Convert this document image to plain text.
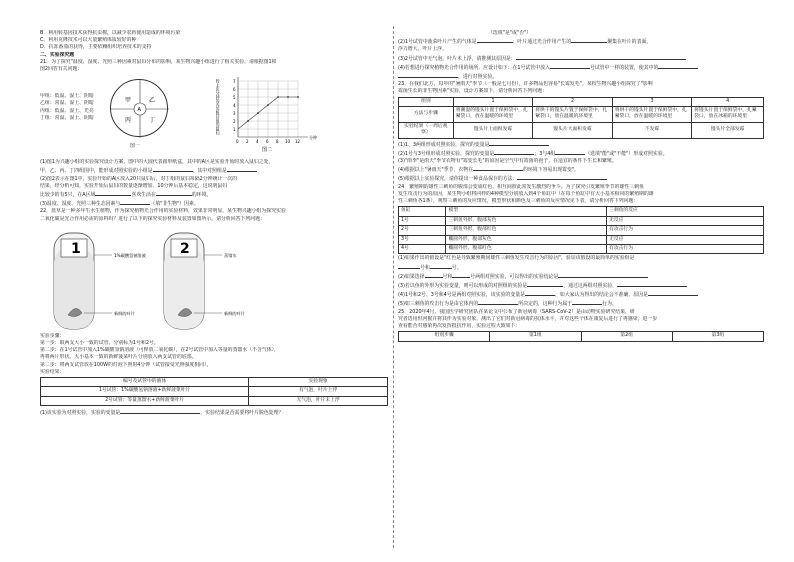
B．利用转基因技术获得抗虫棉，以减少农药使用造成的环境污染

C．利用克隆技术可以大量繁殖体质较好的种

D．抗冻番茄的获得，主要依赖组织培养技术的支持

二、实验探究题

21．为了探究"温度、湿度、光照三种因素对鼠妇分布的影响，某生物兴趣小组进行了相关实验，请根据图1和

图2回答有关问题：

甲组：低温、湿土、阴暗

乙组：常温、湿土、阴暗

丙组：低温、湿土、光亮

丁组：常温、湿土、阴暗

甲	乙
丙	丁
A

图一

较上次分钟的内的数目组的鼠妇
0 2 4 6 8 10 12
分钟
1
2
3
4
5
6
7
图二

(1)图1为兴趣小组的实验探究设计方案，图中的大圆代表圆形纸盒，其中的A区是实验开始时放入鼠妇之处，

甲、乙、丙、丁四组围中，能形成对照实验的小组是	，其中对照组是

(2)图2表示在图1中，实验开始的A区放入20只鼠妇后，对丁组的鼠妇每隔2分钟统计一次的

结果，经分析可知，实验开始后鼠妇的数量逐渐增加，10分钟后基本稳定，这说明鼠妇

比较少的有5只，在A区域	喜欢生活在	的环境。

(3)温度、湿度、光照三种生态因素与	（填"非生物"）因素。

22．蓝草是一种多年生水生植物，作为探究植物光合作用的实验材料，效果非常明显，某生物兴趣小组为探究实验

二氧化碳是光合作用必需的原料吗？进行了以下的探究实验材料及装置如图所示，请分析回答下列问题：

1	1%碳酸氢钠溶液
新鲜的叶片
2	蒸馏水
新鲜的叶片

实验步骤：

第一步：取两支大小一致的试管，分别标为1号和2号。

第二步：在1号试管中加入1%碳酸氢钠溶液（可释放二氧化碳），在2号试管中加入等量的蒸馏水（不含气体），

再将两片形状、大小基本一致的新鲜菠菜叶片分别放入两支试管的底部。

第三步：将两支试管放在100W的灯泡下照射4分钟（试管接受光照强度相同）。

实验结果：

编号及试管中的液体	实验现象
1号试管：1%碳酸氢钠溶液+新鲜菠菜叶片	有气泡，叶片上浮
2号试管：等量蒸馏水+新鲜菠菜叶片	无气泡，叶片未上浮

(1)该实验为对照实验，实验的变量是	，实验结果是否需要将叶片脱色处理？

（选填"是"或"否"）

(2)1号试管中菠菜叶片产生的气体是	：叶片通过光合作用产生的	聚集在叶片的表面，

浮力增大，叶片上浮。

(3)2号试管中无气泡，叶片未上浮，请推测其原因是：

(4)若想进行探究植物光合作用的场所，应设计如下：在1号试管中放入	号试管中一样的装置，使其中的

，进行对照实验。

23．在我们北方，每年的"暑雨天"季节（一般是七月份），许多物品也容易"长霉发毛"。某校生物兴趣小组探究了"影响

霉菌生长的非生物因素"实验，设计方案如下，请分析回答下列问题：

组别	1	2	3	4
方法与步骤	将潮湿的馒头片置于保鲜袋中，扎紧袋口，放在温暖的环境里	将烘干的馒头片置于保鲜袋中，扎紧袋口，放在温暖的环境里	将烘干的馒头片置于保鲜袋中，扎紧袋口，放在温暖的环境里	将馒头片置于保鲜袋中，扎紧袋口，放在冰箱的环境里
实验结果（一周后观察）	馒头片上面很发霉	馒头片大面积发霉	不发霉	馒头片全部发霉

(1)1、3两组形成对照实验，探究的变量是

(2)1号与3号组形成对照实验，探究的变量是	；3与4组	（选填"能"或"不能"）形成对照实验。

(3)"雨季"是雨天"季节衣物有"霉变长毛"的原因是空气中有霉菌的孢子，在适宜的条件下生长和繁殖。

(4)根据以上"暑雨天"季节，衣物在	的环境下容易出现霉变"。

(5)根据以上实验探究，请你提出一种食品保存的方法：

24．繁殖期的雄性三刺鱼的腹部会变成红色，相互间彼此常发生激烈的争斗。为了探究引发繁殖季节的雄性三刺鱼

发生攻击行为的原因，某生物小组将同样的4种模型分别放入到4个鱼缸中（在每个鱼缸中有大小基本相同的繁殖期的雄

性三刺鱼各1条），观察三刺鱼的反应情况，模型形状和颜色及三刺鱼的反应情况见下表，请分析回答下列问题：

鱼缸	模型	三刺鱼的反应
1号	三刺鱼外形，腹部灰色	无反应
2号	三刺鱼外形，腹部红色	有攻击行为
3号	椭圆外形，腹部灰色	无反应
4号	椭圆外形，腹部红色	有攻击行为

(1)如果作出的假设是"红色是导致繁殖期间雄性三刺鱼发生攻击行为的原因"，验证该假设的最简单的实验组是

号和	号。

(2)如果选择	号和	号两组对照实验，可以得出的实验结论是

(3)若以鱼的外形为实验变量，则可以形成的对照组的实验是	，通过这两组对照实验，

(4)1号和2号、3号和4号是两组对照实验，该实验的变量是	，如大家认为得出的结论会不准确，原因是

(5)如三刺鱼的攻击行为是由它体内的	所决定的，这种行为属于	行为。

25．2020年4月，我国医学研究团队在某论文中公布了新冠病毒（SARS-CoV-2）是由动物实验研究结果，研

究者选用恒河猴并将其作为实验对象，测出了它们对新冠病毒的抗体水平，并对这些个体在康复后进行了再感染，进一步

查看能否对感染再次发挥抵抗作用，实验过程大致如下：

组别步骤	第1组	第2组	第3组
